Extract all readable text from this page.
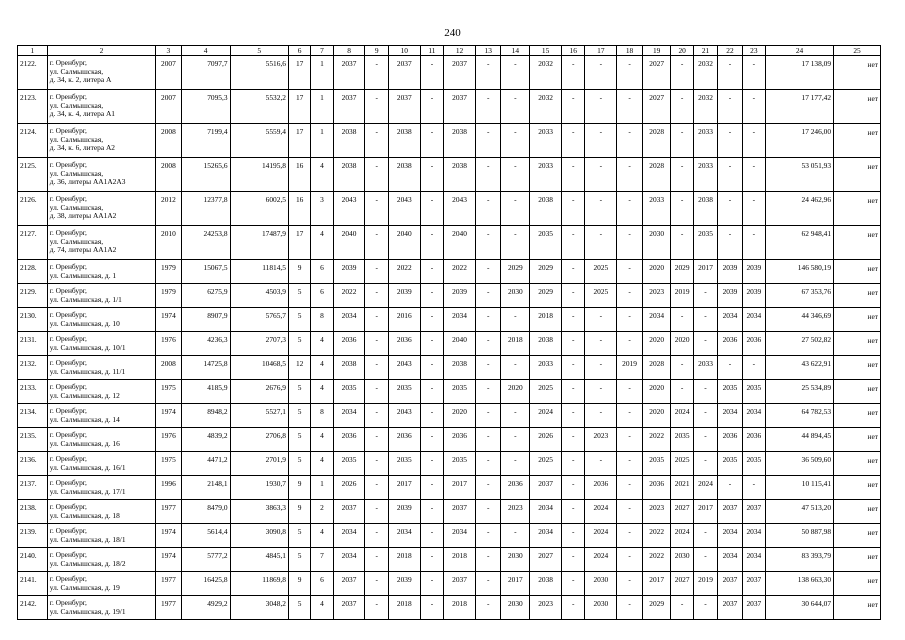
240
1	2	3	4	5	6	7	8	9	10	11	12	13	14	15	16	17	18	19	20	21	22	23	24	25
2122.	г. Оренбург,
ул. Салмышская,
д. 34, к. 2, литера А	2007	7097,7	5516,6	17	1	2037	-	2037	-	2037	-	-	2032	-	-	-	2027	-	2032	-	-	17 138,09	нет
2123.	г. Оренбург,
ул. Салмышская,
д. 34, к. 4, литера А1	2007	7095,3	5532,2	17	1	2037	-	2037	-	2037	-	-	2032	-	-	-	2027	-	2032	-	-	17 177,42	нет
2124.	г. Оренбург,
ул. Салмышская,
д. 34, к. 6, литера А2	2008	7199,4	5559,4	17	1	2038	-	2038	-	2038	-	-	2033	-	-	-	2028	-	2033	-	-	17 246,00	нет
2125.	г. Оренбург,
ул. Салмышская,
д. 36, литеры АА1А2А3	2008	15265,6	14195,8	16	4	2038	-	2038	-	2038	-	-	2033	-	-	-	2028	-	2033	-	-	53 051,93	нет
2126.	г. Оренбург,
ул. Салмышская,
д. 38, литеры АА1А2	2012	12377,8	6002,5	16	3	2043	-	2043	-	2043	-	-	2038	-	-	-	2033	-	2038	-	-	24 462,96	нет
2127.	г. Оренбург,
ул. Салмышская,
д. 74, литеры АА1А2	2010	24253,8	17487,9	17	4	2040	-	2040	-	2040	-	-	2035	-	-	-	2030	-	2035	-	-	62 948,41	нет
2128.	г. Оренбург,
ул. Салмышская, д. 1	1979	15067,5	11814,5	9	6	2039	-	2022	-	2022	-	2029	2029	-	2025	-	2020	2029	2017	2039	2039	146 580,19	нет
2129.	г. Оренбург,
ул. Салмышская, д. 1/1	1979	6275,9	4503,9	5	6	2022	-	2039	-	2039	-	2030	2029	-	2025	-	2023	2019	-	2039	2039	67 353,76	нет
2130.	г. Оренбург,
ул. Салмышская, д. 10	1974	8907,9	5765,7	5	8	2034	-	2016	-	2034	-	-	2018	-	-	-	2034	-	-	2034	2034	44 346,69	нет
2131.	г. Оренбург,
ул. Салмышская, д. 10/1	1976	4236,3	2707,3	5	4	2036	-	2036	-	2040	-	2018	2038	-	-	-	2020	2020	-	2036	2036	27 502,82	нет
2132.	г. Оренбург,
ул. Салмышская, д. 11/1	2008	14725,8	10468,5	12	4	2038	-	2043	-	2038	-	-	2033	-	-	2019	2028	-	2033	-	-	43 622,91	нет
2133.	г. Оренбург,
ул. Салмышская, д. 12	1975	4185,9	2676,9	5	4	2035	-	2035	-	2035	-	2020	2025	-	-	-	2020	-	-	2035	2035	25 534,89	нет
2134.	г. Оренбург,
ул. Салмышская, д. 14	1974	8948,2	5527,1	5	8	2034	-	2043	-	2020	-	-	2024	-	-	-	2020	2024	-	2034	2034	64 782,53	нет
2135.	г. Оренбург,
ул. Салмышская, д. 16	1976	4839,2	2706,8	5	4	2036	-	2036	-	2036	-	-	2026	-	2023	-	2022	2035	-	2036	2036	44 894,45	нет
2136.	г. Оренбург,
ул. Салмышская, д. 16/1	1975	4471,2	2701,9	5	4	2035	-	2035	-	2035	-	-	2025	-	-	-	2035	2025	-	2035	2035	36 509,60	нет
2137.	г. Оренбург,
ул. Салмышская, д. 17/1	1996	2148,1	1930,7	9	1	2026	-	2017	-	2017	-	2036	2037	-	2036	-	2036	2021	2024	-	-	10 115,41	нет
2138.	г. Оренбург,
ул. Салмышская, д. 18	1977	8479,0	3863,3	9	2	2037	-	2039	-	2037	-	2023	2034	-	2024	-	2023	2027	2017	2037	2037	47 513,20	нет
2139.	г. Оренбург,
ул. Салмышская, д. 18/1	1974	5614,4	3090,8	5	4	2034	-	2034	-	2034	-	-	2034	-	2024	-	2022	2024	-	2034	2034	50 887,98	нет
2140.	г. Оренбург,
ул. Салмышская, д. 18/2	1974	5777,2	4845,1	5	7	2034	-	2018	-	2018	-	2030	2027	-	2024	-	2022	2030	-	2034	2034	83 393,79	нет
2141.	г. Оренбург,
ул. Салмышская, д. 19	1977	16425,8	11869,8	9	6	2037	-	2039	-	2037	-	2017	2038	-	2030	-	2017	2027	2019	2037	2037	138 663,30	нет
2142.	г. Оренбург,
ул. Салмышская, д. 19/1	1977	4929,2	3048,2	5	4	2037	-	2018	-	2018	-	2030	2023	-	2030	-	2029	-	-	2037	2037	30 644,07	нет
